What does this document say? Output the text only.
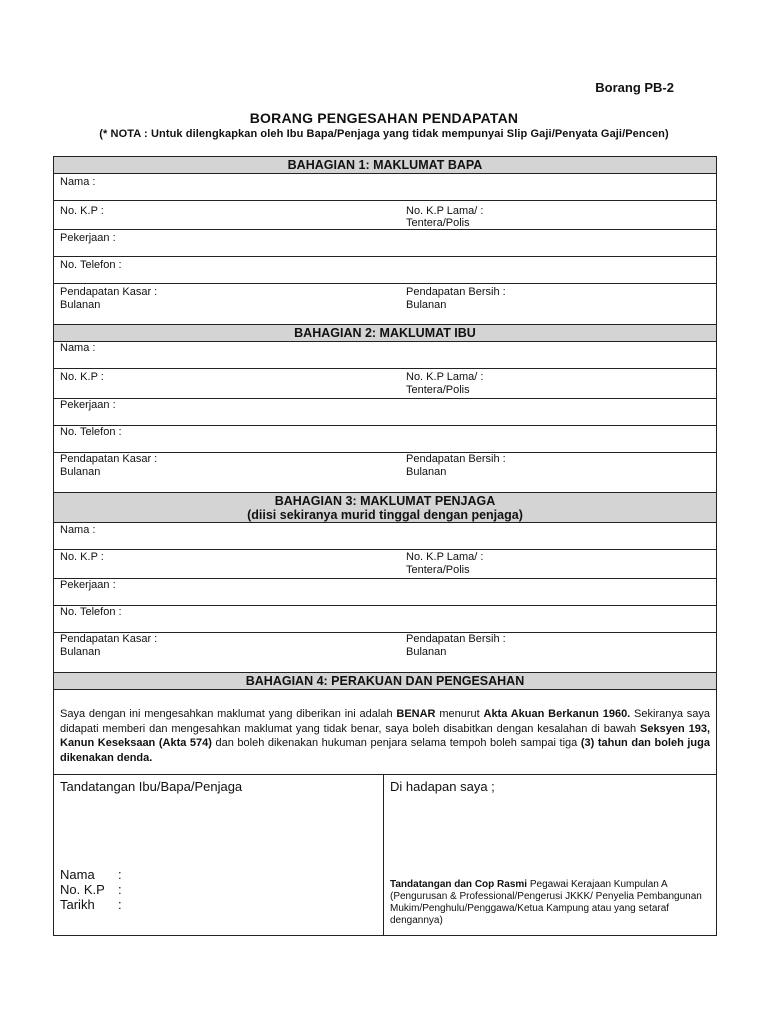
Borang PB-2
BORANG PENGESAHAN PENDAPATAN
(* NOTA : Untuk dilengkapkan oleh Ibu Bapa/Penjaga yang tidak mempunyai Slip Gaji/Penyata Gaji/Pencen)
BAHAGIAN 1: MAKLUMAT BAPA
Nama :
No. K.P :	No. K.P Lama/ :
Tentera/Polis
Pekerjaan :
No. Telefon :
Pendapatan Kasar :
Bulanan
Pendapatan Bersih :
Bulanan
BAHAGIAN 2: MAKLUMAT IBU
Nama :
No. K.P :	No. K.P Lama/ :
Tentera/Polis
Pekerjaan :
No. Telefon :
Pendapatan Kasar :
Bulanan
Pendapatan Bersih :
Bulanan
BAHAGIAN 3: MAKLUMAT PENJAGA
(diisi sekiranya murid tinggal dengan penjaga)
Nama :
No. K.P :	No. K.P Lama/ :
Tentera/Polis
Pekerjaan :
No. Telefon :
Pendapatan Kasar :
Bulanan
Pendapatan Bersih :
Bulanan
BAHAGIAN 4: PERAKUAN DAN PENGESAHAN
Saya dengan ini mengesahkan maklumat yang diberikan ini adalah BENAR menurut Akta Akuan Berkanun 1960. Sekiranya saya didapati memberi dan mengesahkan maklumat yang tidak benar, saya boleh disabitkan dengan kesalahan di bawah Seksyen 193, Kanun Keseksaan (Akta 574) dan boleh dikenakan hukuman penjara selama tempoh boleh sampai tiga (3) tahun dan boleh juga dikenakan denda.
Tandatangan Ibu/Bapa/Penjaga
Nama	:
No. K.P	:
Tarikh	:
Di hadapan saya ;
Tandatangan dan Cop Rasmi Pegawai Kerajaan Kumpulan A (Pengurusan & Professional/Pengerusi JKKK/ Penyelia Pembangunan Mukim/Penghulu/Penggawa/Ketua Kampung atau yang setaraf dengannya)
